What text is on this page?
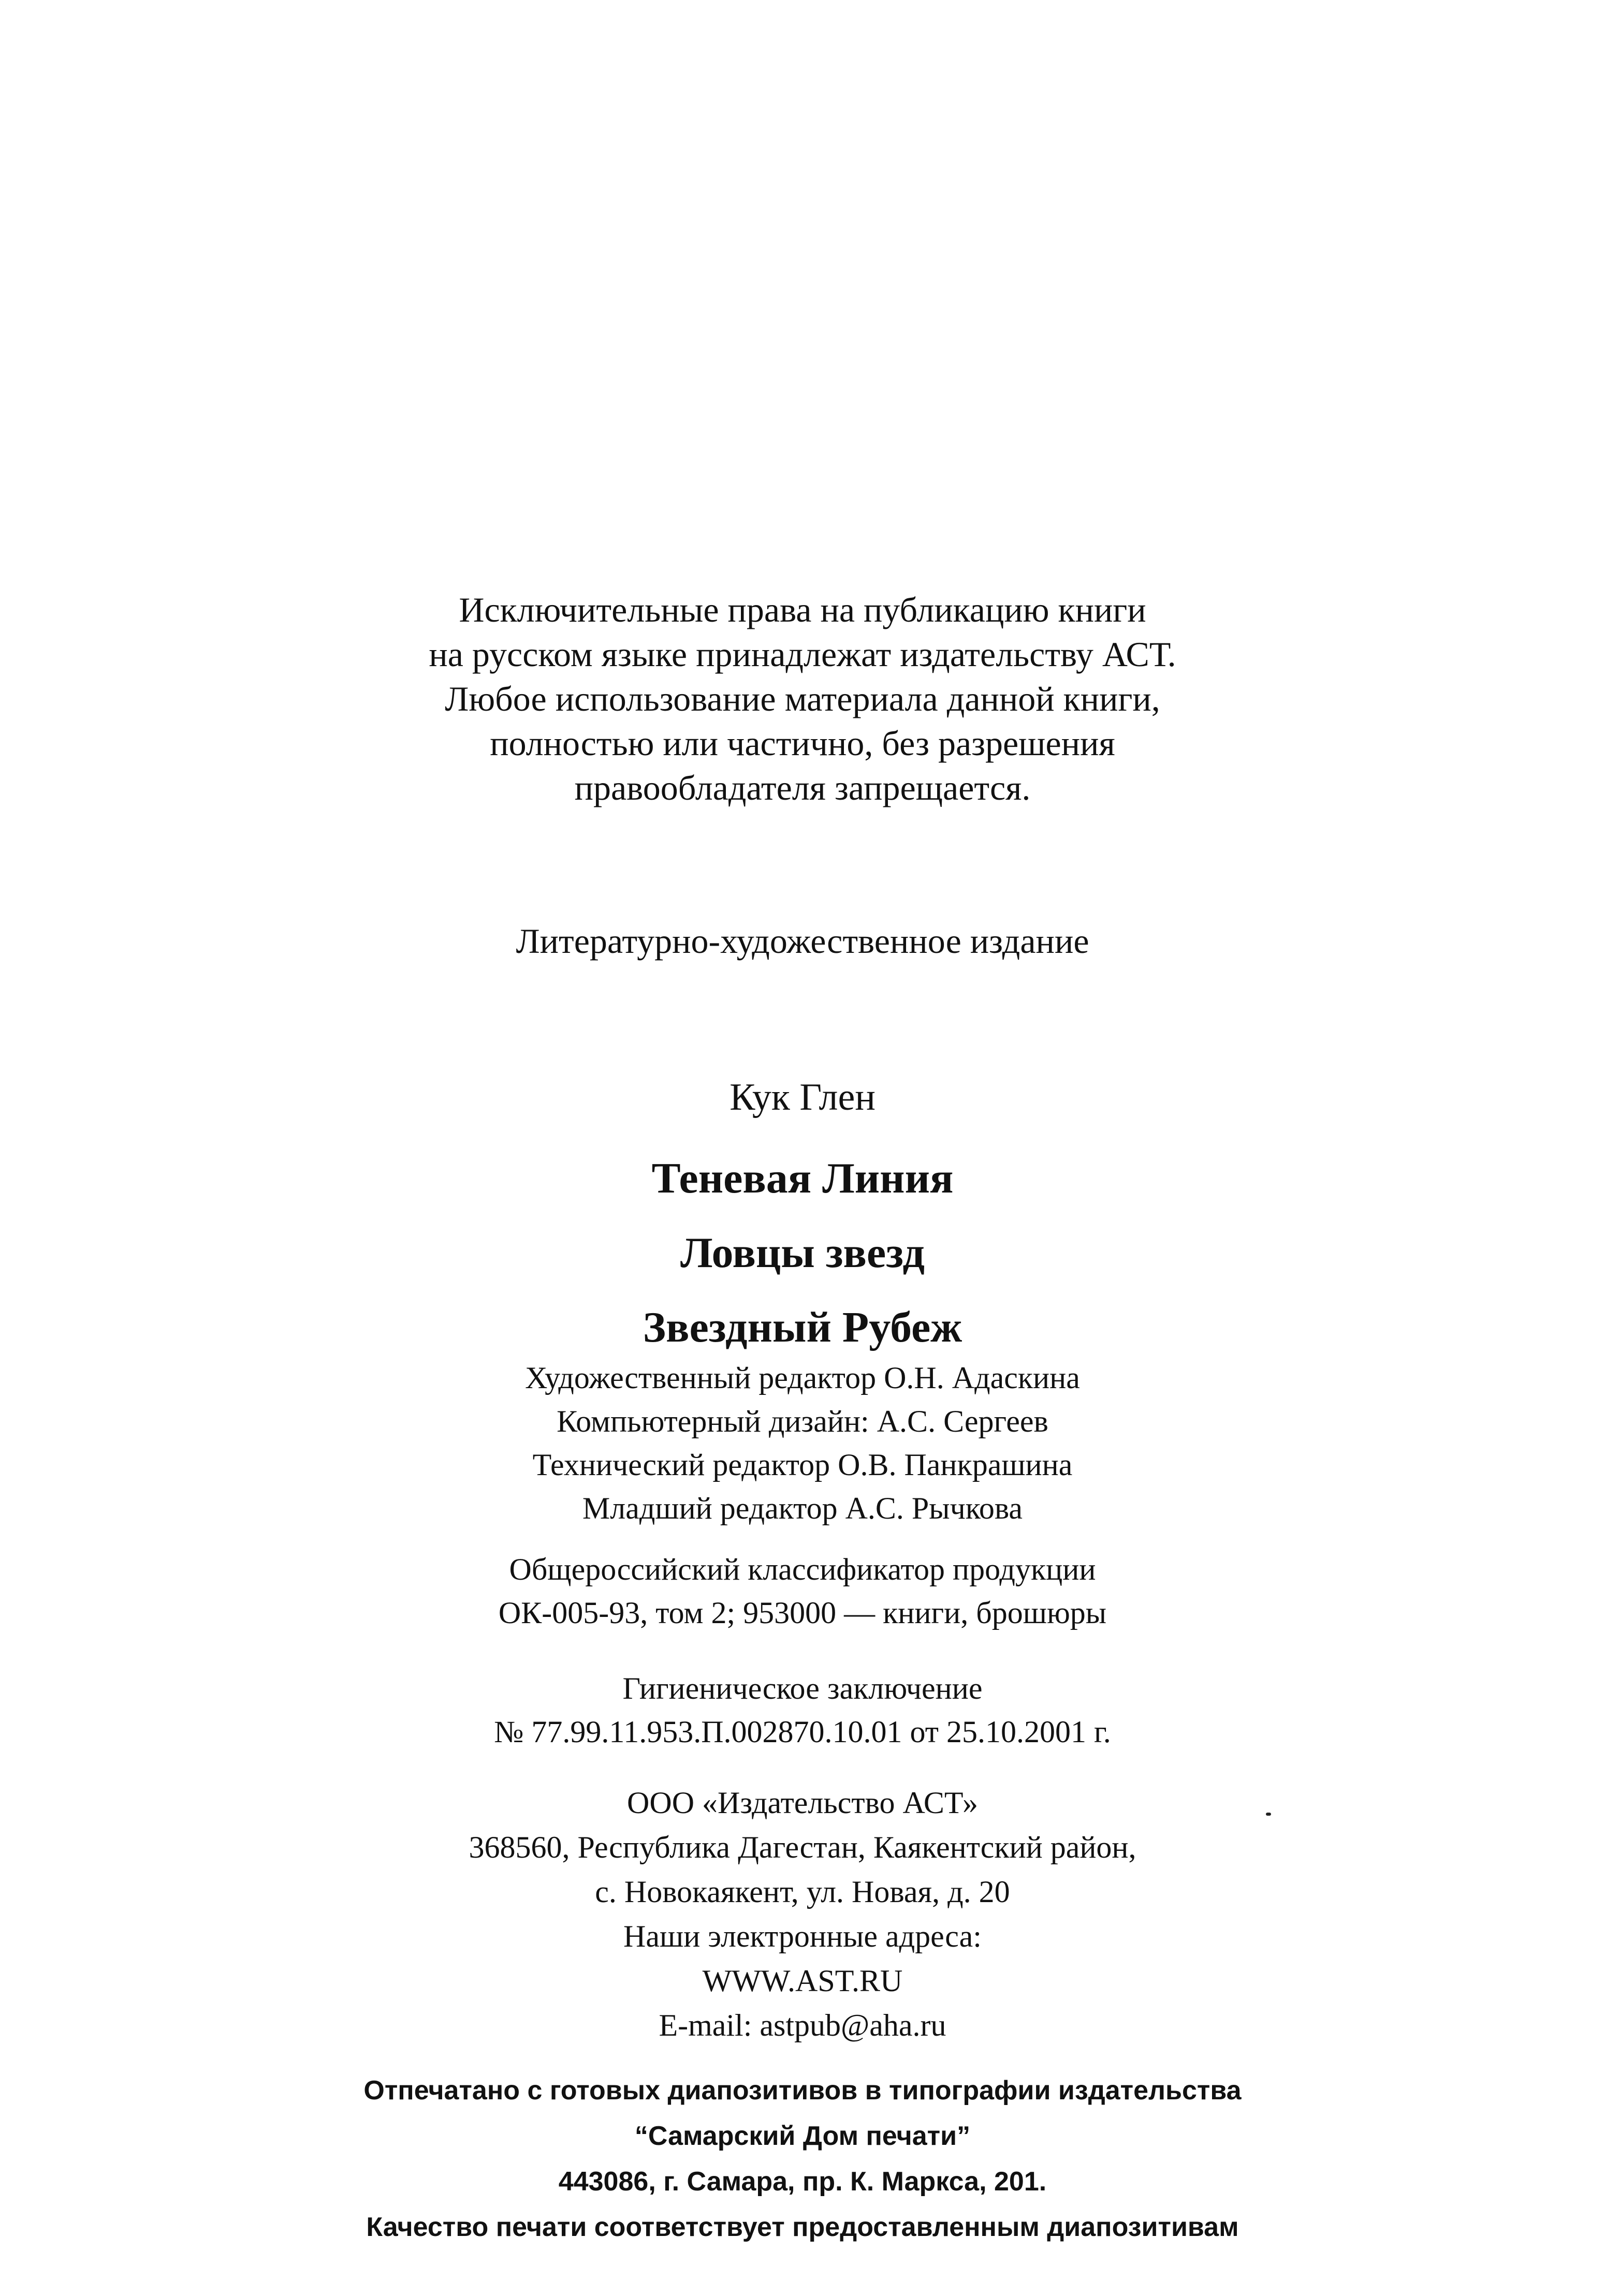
Исключительные права на публикацию книги
на русском языке принадлежат издательству АСТ.
Любое использование материала данной книги,
полностью или частично, без разрешения
правообладателя запрещается.
Литературно-художественное издание
Кук Глен
Теневая Линия
Ловцы звезд
Звездный Рубеж
Художественный редактор О.Н. Адаскина
Компьютерный дизайн: А.С. Сергеев
Технический редактор О.В. Панкрашина
Младший редактор А.С. Рычкова
Общероссийский классификатор продукции
ОК-005-93, том 2; 953000 — книги, брошюры
Гигиеническое заключение
№ 77.99.11.953.П.002870.10.01 от 25.10.2001 г.
ООО «Издательство АСТ»
368560, Республика Дагестан, Каякентский район,
с. Новокаякент, ул. Новая, д. 20
Наши электронные адреса:
WWW.AST.RU
E-mail: astpub@aha.ru
Отпечатано с готовых диапозитивов в типографии издательства
“Самарский Дом печати”
443086, г. Самара, пр. К. Маркса, 201.
Качество печати соответствует предоставленным диапозитивам
